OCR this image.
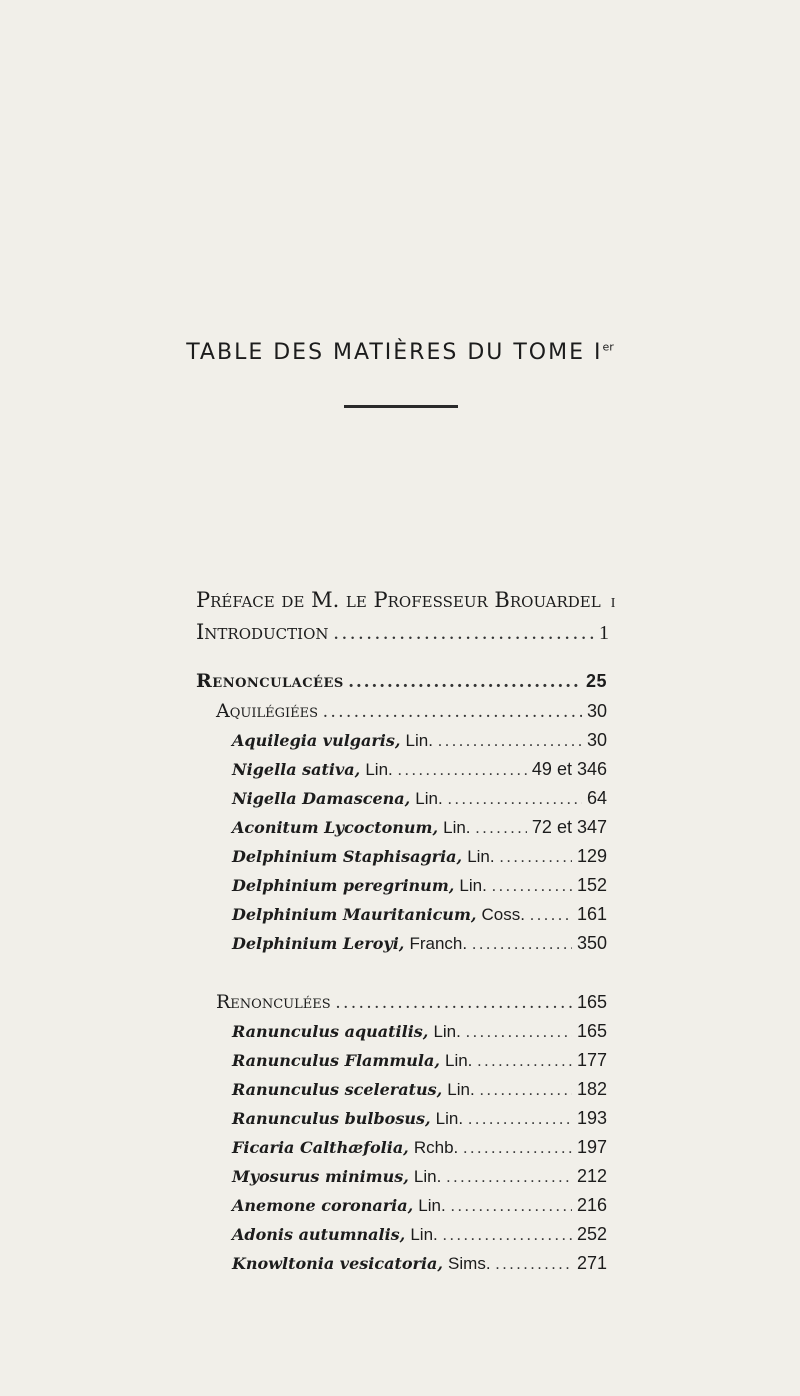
TABLE DES MATIÈRES DU TOME Ier
Préface de M. le Professeur Brouardel i
Introduction .....	1
Renonculacées .....	25
Aquilégiées .....	30
Aquilegia vulgaris, Lin. .....	30
Nigella sativa, Lin. .....	49 et 346
Nigella Damascena, Lin. .....	64
Aconitum Lycoctonum, Lin. .....	72 et 347
Delphinium Staphisagria, Lin. .....	129
Delphinium peregrinum, Lin. .....	152
Delphinium Mauritanicum, Coss. .....	161
Delphinium Leroyi, Franch. .....	350
Renonculées .....	165
Ranunculus aquatilis, Lin. .....	165
Ranunculus Flammula, Lin. .....	177
Ranunculus sceleratus, Lin. .....	182
Ranunculus bulbosus, Lin. .....	193
Ficaria Calthæfolia, Rchb. .....	197
Myosurus minimus, Lin. .....	212
Anemone coronaria, Lin. .....	216
Adonis autumnalis, Lin. .....	252
Knowltonia vesicatoria, Sims. .....	271
